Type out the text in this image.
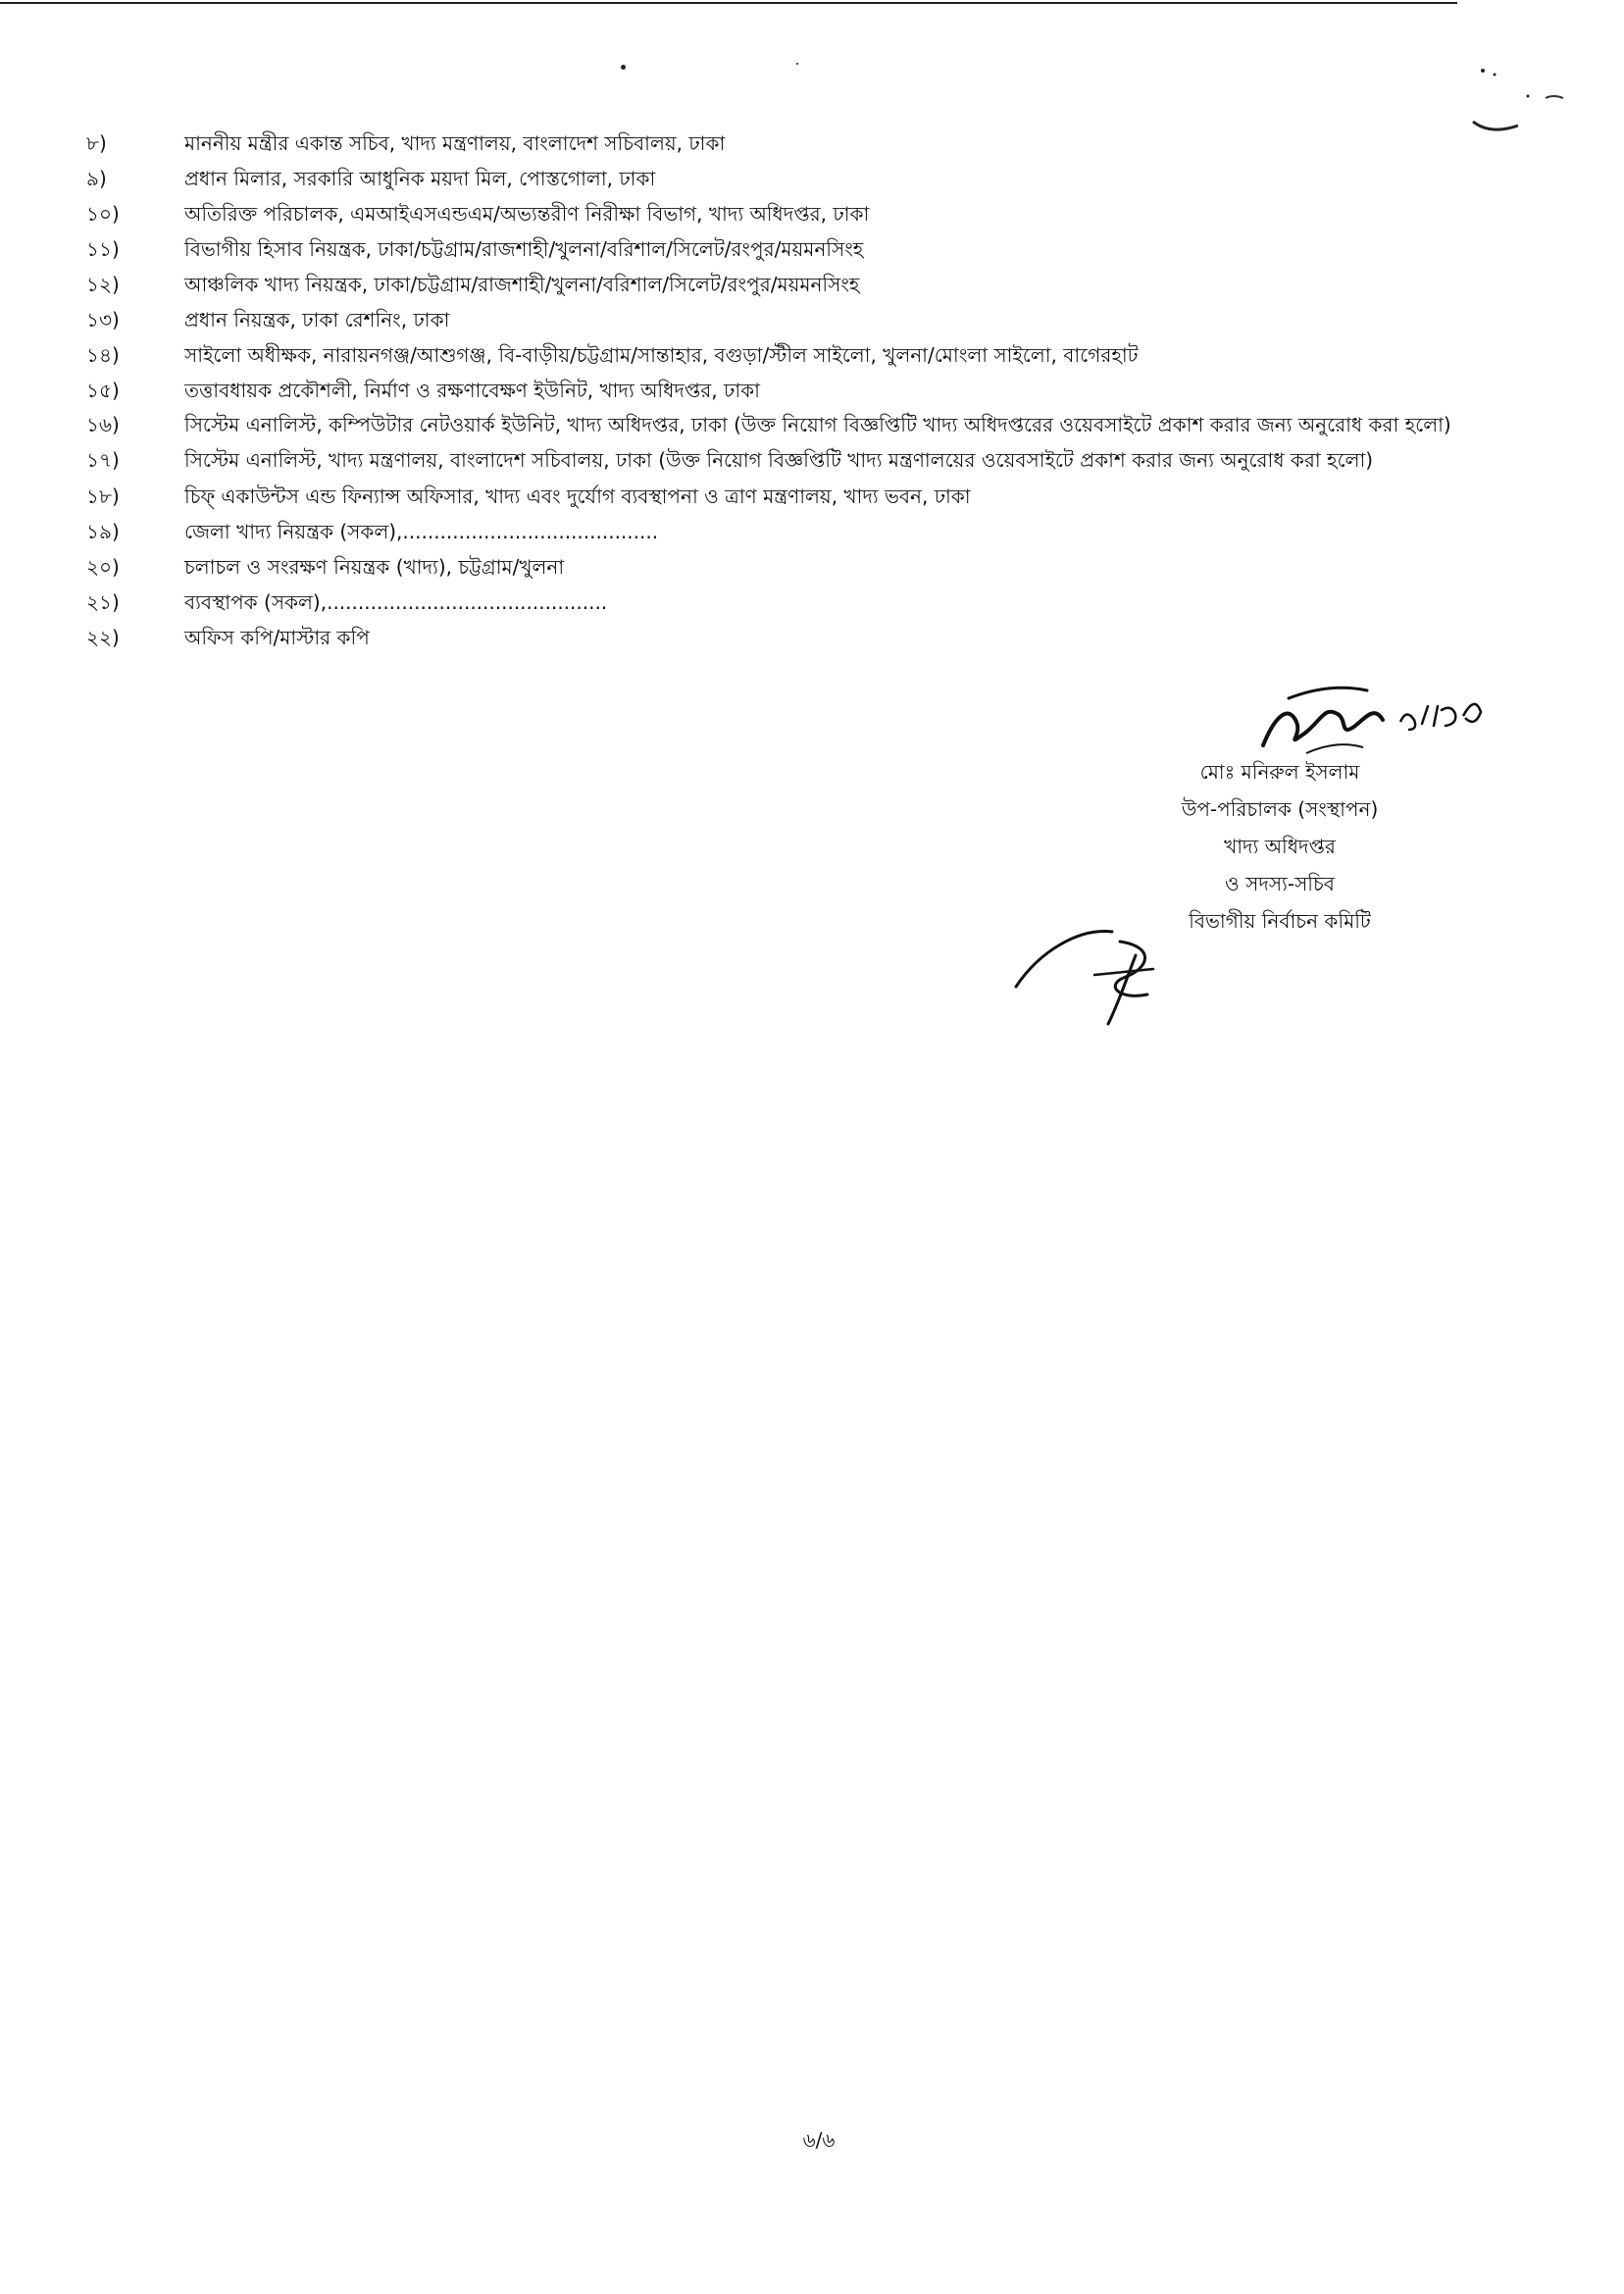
৮)	মাননীয় মন্ত্রীর একান্ত সচিব, খাদ্য মন্ত্রণালয়, বাংলাদেশ সচিবালয়, ঢাকা
৯)	প্রধান মিলার, সরকারি আধুনিক ময়দা মিল, পোস্তগোলা, ঢাকা
১০)	অতিরিক্ত পরিচালক, এমআইএসএন্ডএম/অভ্যন্তরীণ নিরীক্ষা বিভাগ, খাদ্য অধিদপ্তর, ঢাকা
১১)	বিভাগীয় হিসাব নিয়ন্ত্রক, ঢাকা/চট্টগ্রাম/রাজশাহী/খুলনা/বরিশাল/সিলেট/রংপুর/ময়মনসিংহ
১২)	আঞ্চলিক খাদ্য নিয়ন্ত্রক, ঢাকা/চট্টগ্রাম/রাজশাহী/খুলনা/বরিশাল/সিলেট/রংপুর/ময়মনসিংহ
১৩)	প্রধান নিয়ন্ত্রক, ঢাকা রেশনিং, ঢাকা
১৪)	সাইলো অধীক্ষক, নারায়নগঞ্জ/আশুগঞ্জ, বি-বাড়ীয়/চট্টগ্রাম/সান্তাহার, বগুড়া/স্টীল সাইলো, খুলনা/মোংলা সাইলো, বাগেরহাট
১৫)	তত্তাবধায়ক প্রকৌশলী, নির্মাণ ও রক্ষণাবেক্ষণ ইউনিট, খাদ্য অধিদপ্তর, ঢাকা
১৬)	সিস্টেম এনালিস্ট, কম্পিউটার নেটওয়ার্ক ইউনিট, খাদ্য অধিদপ্তর, ঢাকা (উক্ত নিয়োগ বিজ্ঞপ্তিটি খাদ্য অধিদপ্তরের ওয়েবসাইটে প্রকাশ করার জন্য অনুরোধ করা হলো)
১৭)	সিস্টেম এনালিস্ট, খাদ্য মন্ত্রণালয়, বাংলাদেশ সচিবালয়, ঢাকা (উক্ত নিয়োগ বিজ্ঞপ্তিটি খাদ্য মন্ত্রণালয়ের ওয়েবসাইটে প্রকাশ করার জন্য অনুরোধ করা হলো)
১৮)	চিফ্ একাউন্টস এন্ড ফিন্যান্স অফিসার, খাদ্য এবং দুর্যোগ ব্যবস্থাপনা ও ত্রাণ মন্ত্রণালয়, খাদ্য ভবন, ঢাকা
১৯)	জেলা খাদ্য নিয়ন্ত্রক (সকল),.........................................
২০)	চলাচল ও সংরক্ষণ নিয়ন্ত্রক (খাদ্য), চট্টগ্রাম/খুলনা
২১)	ব্যবস্থাপক (সকল),.............................................
২২)	অফিস কপি/মাস্টার কপি
মোঃ মনিরুল ইসলাম
উপ-পরিচালক (সংস্থাপন)
খাদ্য অধিদপ্তর
ও সদস্য-সচিব
বিভাগীয় নির্বাচন কমিটি
৬/৬
